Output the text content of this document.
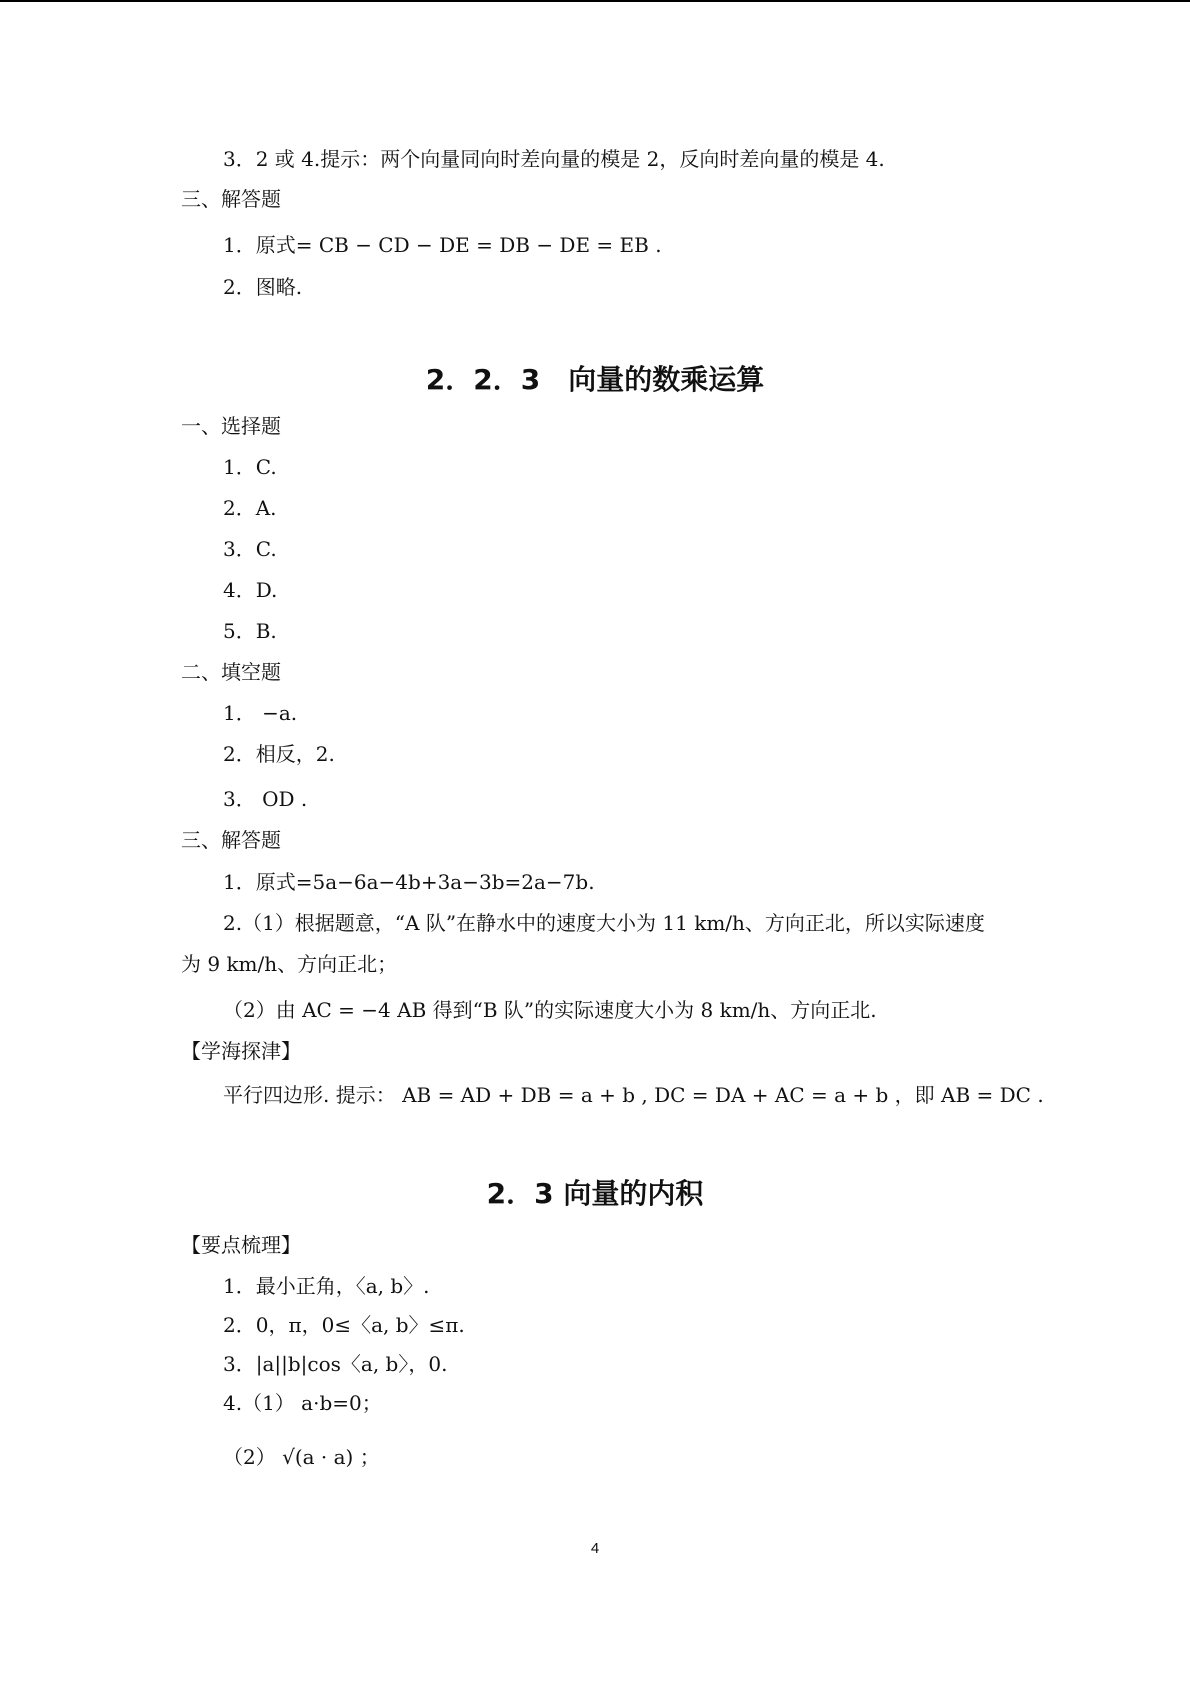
3．2 或 4.提示：两个向量同向时差向量的模是 2，反向时差向量的模是 4.
三、解答题
1．原式= CB − CD − DE = DB − DE = EB .
2．图略.
2．2．3　向量的数乘运算
一、选择题
1．C.
2．A.
3．C.
4．D.
5．B.
二、填空题
1． −a.
2．相反，2.
3． OD .
三、解答题
1．原式=5a−6a−4b+3a−3b=2a−7b.
2.（1）根据题意，“A 队”在静水中的速度大小为 11 km/h、方向正北，所以实际速度
为 9 km/h、方向正北；
（2）由 AC = −4 AB 得到“B 队”的实际速度大小为 8 km/h、方向正北.
【学海探津】
平行四边形. 提示： AB = AD + DB = a + b , DC = DA + AC = a + b ，即 AB = DC .
2．3 向量的内积
【要点梳理】
1．最小正角，〈a, b〉.
2．0，π，0≤〈a, b〉≤π.
3．|a||b|cos〈a, b〉，0.
4.（1） a·b=0；
（2） √(a · a) ；
4
